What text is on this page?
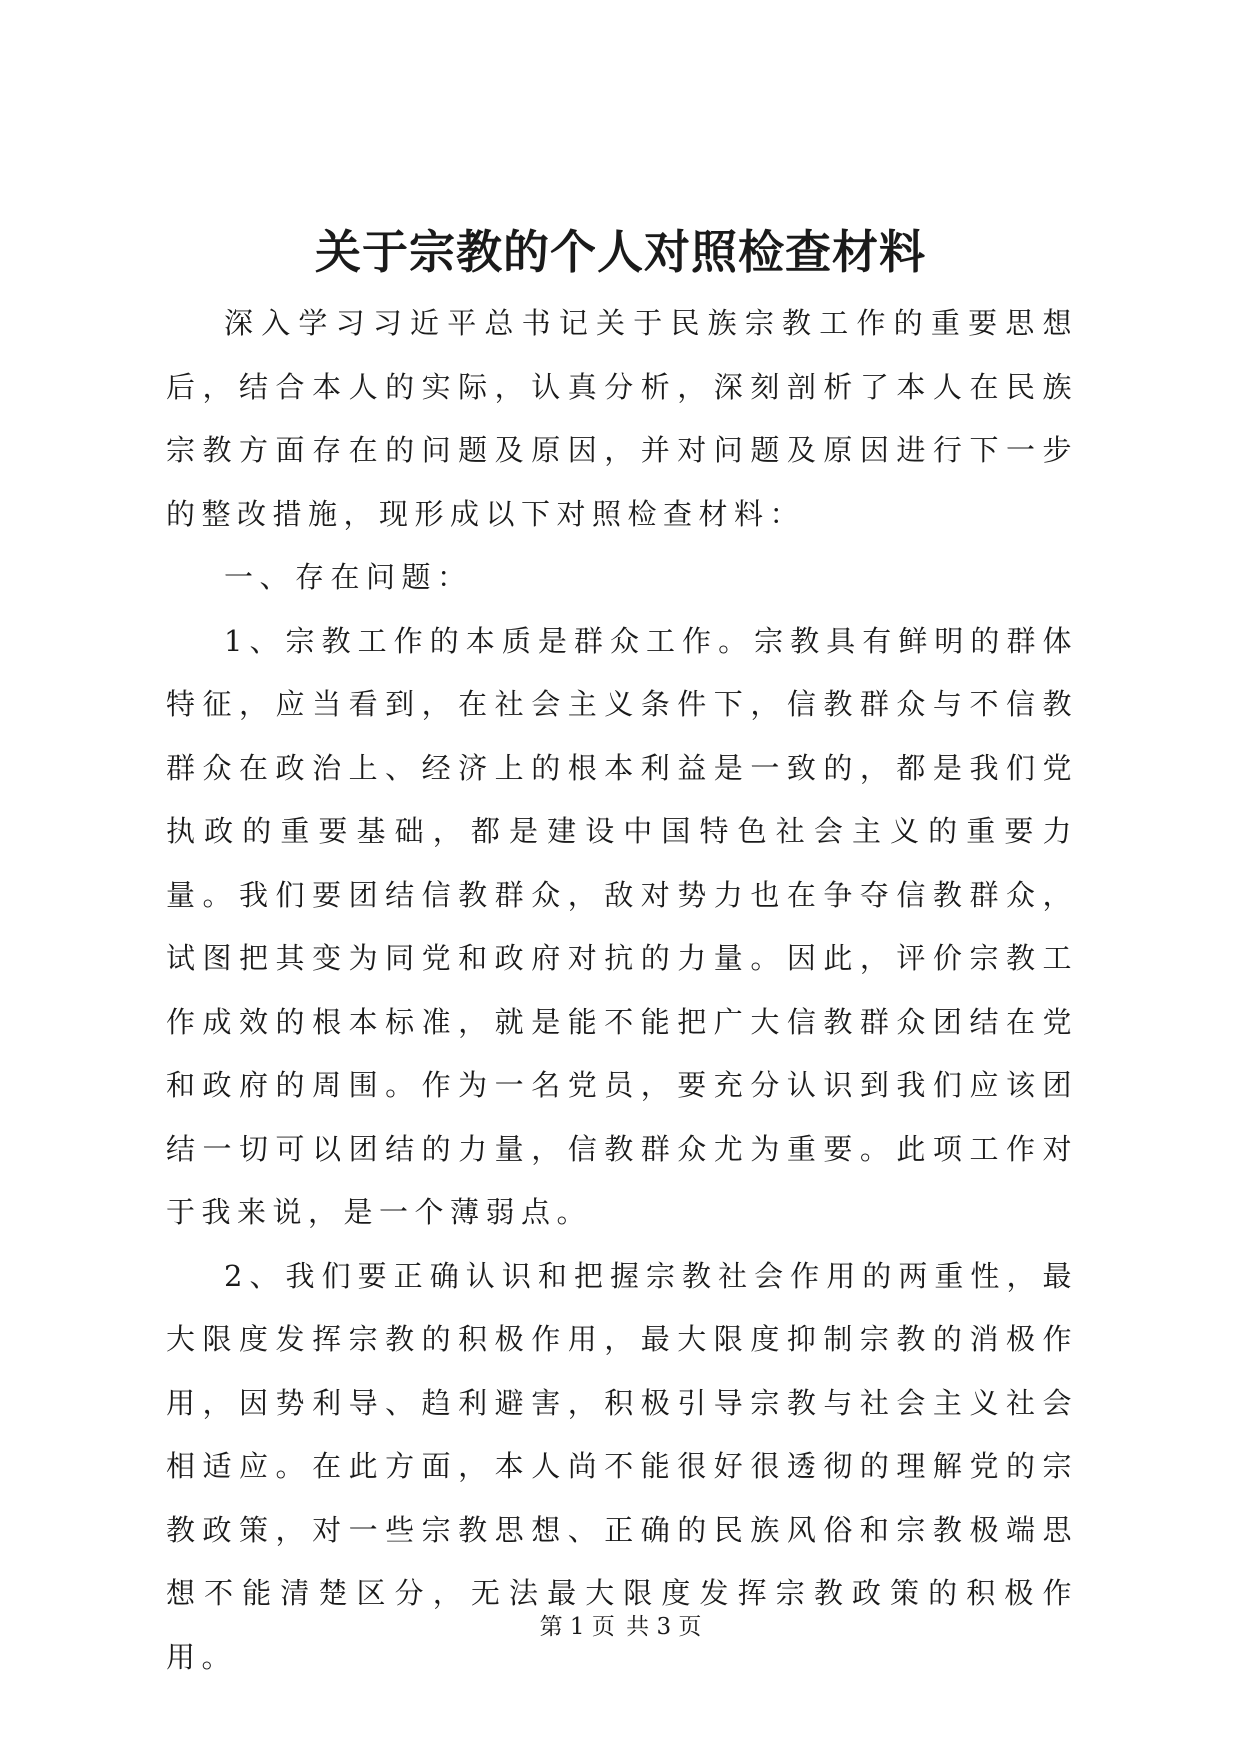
关于宗教的个人对照检查材料

深入学习习近平总书记关于民族宗教工作的重要思想后，结合本人的实际，认真分析，深刻剖析了本人在民族宗教方面存在的问题及原因，并对问题及原因进行下一步的整改措施，现形成以下对照检查材料：

一、存在问题：

1、宗教工作的本质是群众工作。宗教具有鲜明的群体特征，应当看到，在社会主义条件下，信教群众与不信教群众在政治上、经济上的根本利益是一致的，都是我们党执政的重要基础，都是建设中国特色社会主义的重要力量。我们要团结信教群众，敌对势力也在争夺信教群众，试图把其变为同党和政府对抗的力量。因此，评价宗教工作成效的根本标准，就是能不能把广大信教群众团结在党和政府的周围。作为一名党员，要充分认识到我们应该团结一切可以团结的力量，信教群众尤为重要。此项工作对于我来说，是一个薄弱点。

2、我们要正确认识和把握宗教社会作用的两重性，最大限度发挥宗教的积极作用，最大限度抑制宗教的消极作用，因势利导、趋利避害，积极引导宗教与社会主义社会相适应。在此方面，本人尚不能很好很透彻的理解党的宗教政策，对一些宗教思想、正确的民族风俗和宗教极端思想不能清楚区分，无法最大限度发挥宗教政策的积极作用。

第 1 页 共 3 页
